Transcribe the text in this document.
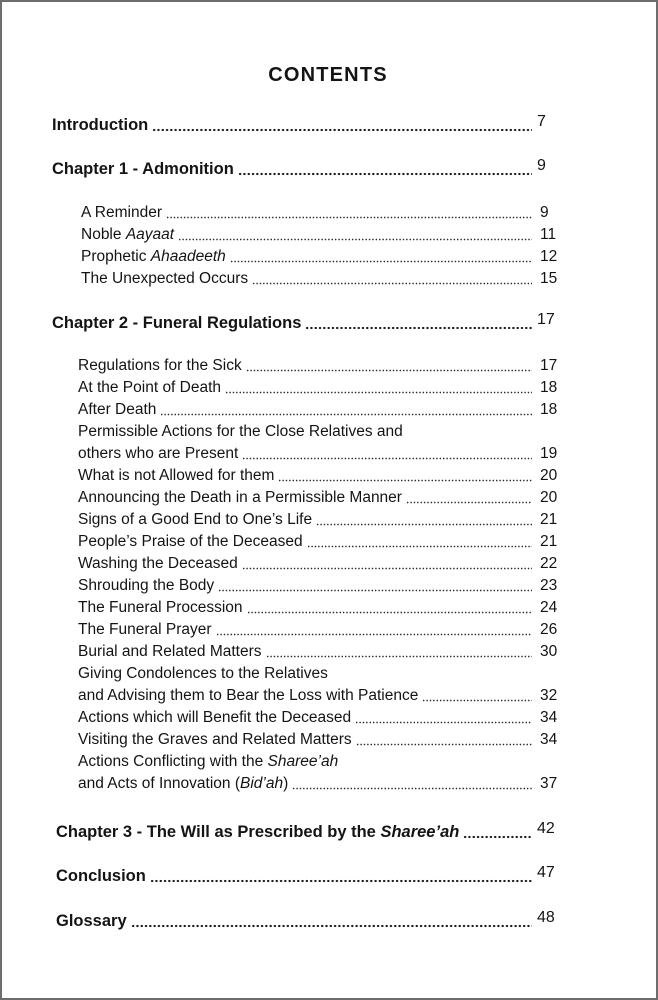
CONTENTS
Introduction	7
Chapter 1 - Admonition	9
A Reminder	9
Noble Aayaat	11
Prophetic Ahaadeeth	12
The Unexpected Occurs	15
Chapter 2 - Funeral Regulations	17
Regulations for the Sick	17
At the Point of Death	18
After Death	18
Permissible Actions for the Close Relatives and
others who are Present	19
What is not Allowed for them	20
Announcing the Death in a Permissible Manner	20
Signs of a Good End to One’s Life	21
People’s Praise of the Deceased	21
Washing the Deceased	22
Shrouding the Body	23
The Funeral Procession	24
The Funeral Prayer	26
Burial and Related Matters	30
Giving Condolences to the Relatives
and Advising them to Bear the Loss with Patience	32
Actions which will Benefit the Deceased	34
Visiting the Graves and Related Matters	34
Actions Conflicting with the Sharee’ah
and Acts of Innovation (Bid’ah)	37
Chapter 3 - The Will as Prescribed by the Sharee’ah	42
Conclusion	47
Glossary	48
